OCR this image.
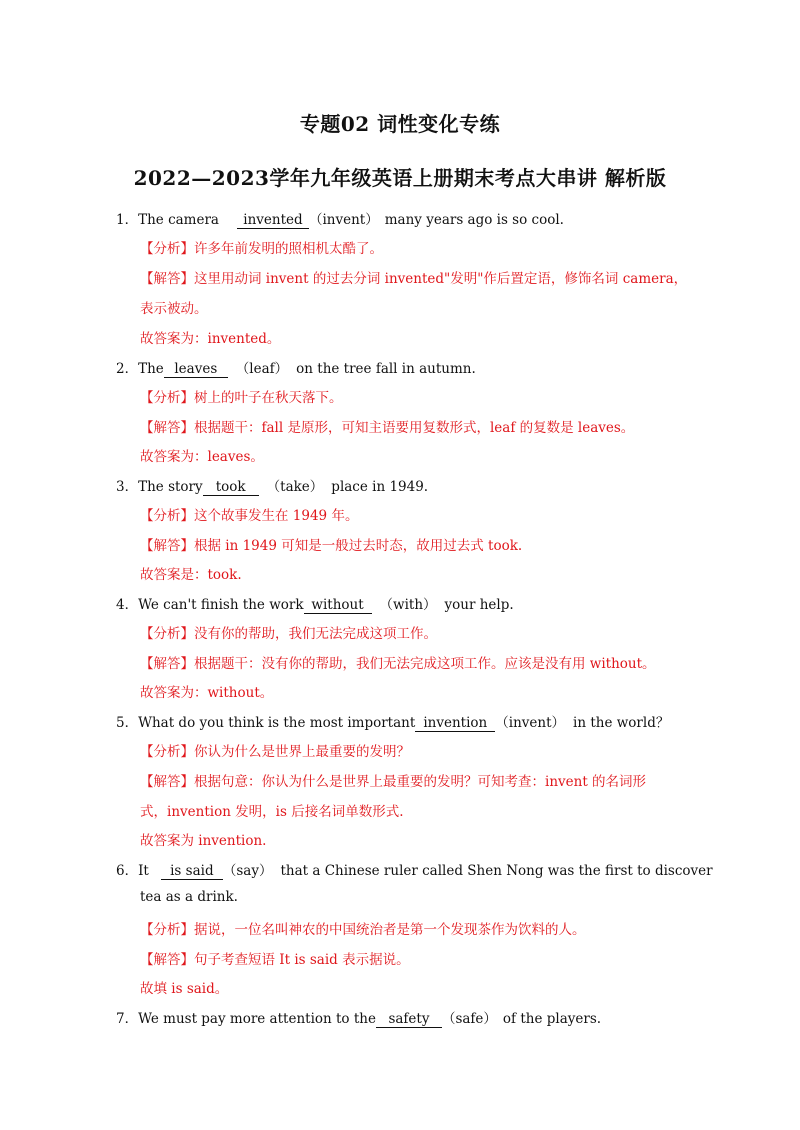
专题02 词性变化专练
2022—2023学年九年级英语上册期末考点大串讲 解析版
1．The camera invented （invent） many years ago is so cool.
【分析】许多年前发明的照相机太酷了。
【解答】这里用动词 invent 的过去分词 invented"发明"作后置定语，修饰名词 camera，
表示被动。
故答案为：invented。
2．The leaves （leaf） on the tree fall in autumn.
【分析】树上的叶子在秋天落下。
【解答】根据题干：fall 是原形，可知主语要用复数形式，leaf 的复数是 leaves。
故答案为：leaves。
3．The story took （take） place in 1949.
【分析】这个故事发生在 1949 年。
【解答】根据 in 1949 可知是一般过去时态，故用过去式 took.
故答案是：took.
4．We can't finish the work without （with） your help.
【分析】没有你的帮助，我们无法完成这项工作。
【解答】根据题干：没有你的帮助，我们无法完成这项工作。应该是没有用 without。
故答案为：without。
5．What do you think is the most important invention （invent） in the world？
【分析】你认为什么是世界上最重要的发明？
【解答】根据句意：你认为什么是世界上最重要的发明？可知考查：invent 的名词形
式，invention 发明，is 后接名词单数形式.
故答案为 invention.
6．It is said （say） that a Chinese ruler called Shen Nong was the first to discover
tea as a drink.
【分析】据说，一位名叫神农的中国统治者是第一个发现茶作为饮料的人。
【解答】句子考查短语 It is said 表示据说。
故填 is said。
7．We must pay more attention to the safety （safe） of the players.
